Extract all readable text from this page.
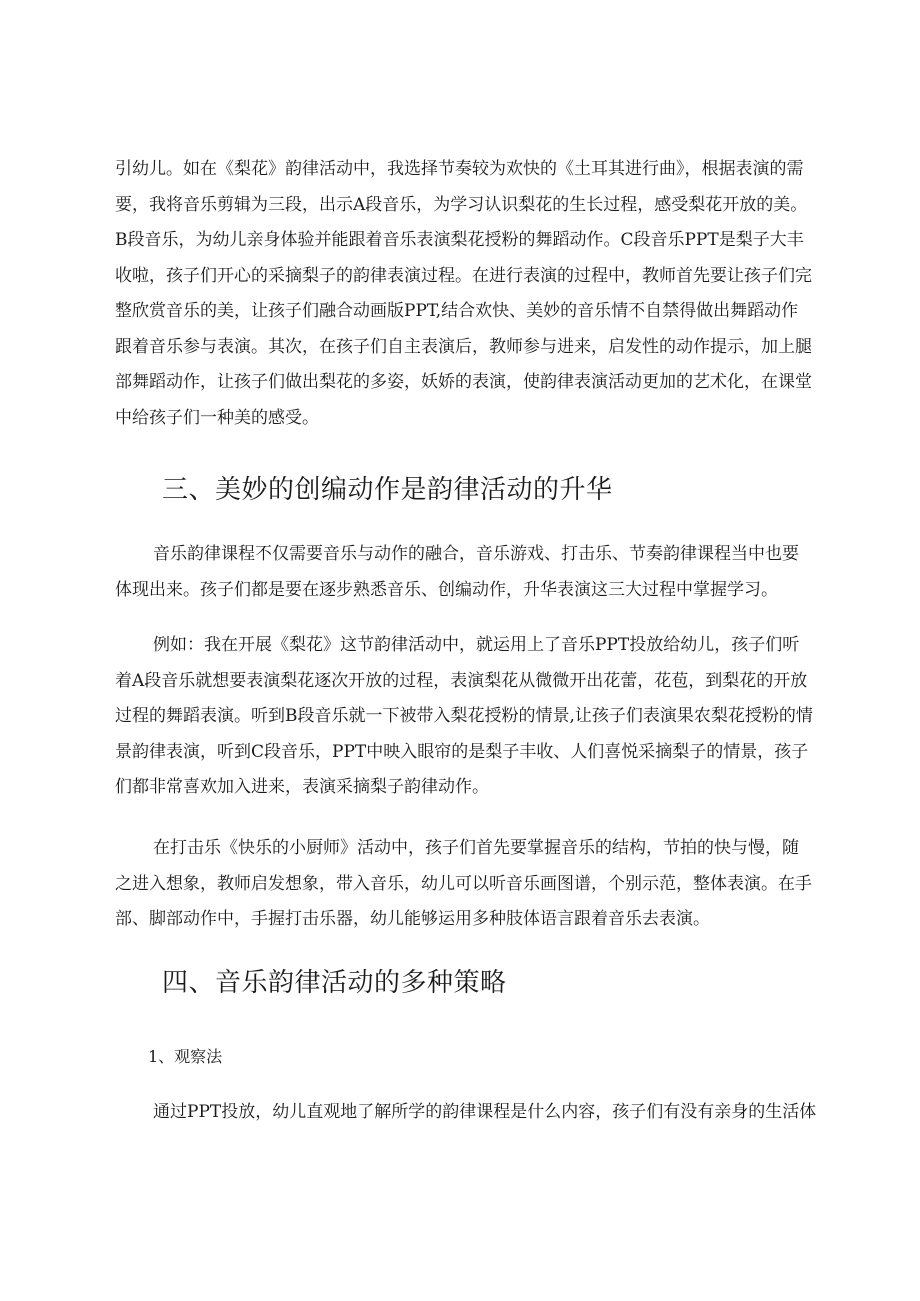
引幼儿。如在《梨花》韵律活动中，我选择节奏较为欢快的《土耳其进行曲》，根据表演的需要，我将音乐剪辑为三段，出示A段音乐，为学习认识梨花的生长过程，感受梨花开放的美。B段音乐，为幼儿亲身体验并能跟着音乐表演梨花授粉的舞蹈动作。C段音乐PPT是梨子大丰收啦，孩子们开心的采摘梨子的韵律表演过程。在进行表演的过程中，教师首先要让孩子们完整欣赏音乐的美，让孩子们融合动画版PPT,结合欢快、美妙的音乐情不自禁得做出舞蹈动作跟着音乐参与表演。其次，在孩子们自主表演后，教师参与进来，启发性的动作提示，加上腿部舞蹈动作，让孩子们做出梨花的多姿，妖娇的表演，使韵律表演活动更加的艺术化，在课堂中给孩子们一种美的感受。

三、美妙的创编动作是韵律活动的升华

音乐韵律课程不仅需要音乐与动作的融合，音乐游戏、打击乐、节奏韵律课程当中也要体现出来。孩子们都是要在逐步熟悉音乐、创编动作，升华表演这三大过程中掌握学习。

例如：我在开展《梨花》这节韵律活动中，就运用上了音乐PPT投放给幼儿，孩子们听着A段音乐就想要表演梨花逐次开放的过程，表演梨花从微微开出花蕾，花苞，到梨花的开放过程的舞蹈表演。听到B段音乐就一下被带入梨花授粉的情景,让孩子们表演果农梨花授粉的情景韵律表演，听到C段音乐，PPT中映入眼帘的是梨子丰收、人们喜悦采摘梨子的情景，孩子们都非常喜欢加入进来，表演采摘梨子韵律动作。

在打击乐《快乐的小厨师》活动中，孩子们首先要掌握音乐的结构，节拍的快与慢，随之进入想象，教师启发想象，带入音乐，幼儿可以听音乐画图谱，个别示范，整体表演。在手部、脚部动作中，手握打击乐器，幼儿能够运用多种肢体语言跟着音乐去表演。

四、音乐韵律活动的多种策略

1、观察法

通过PPT投放，幼儿直观地了解所学的韵律课程是什么内容，孩子们有没有亲身的生活体
